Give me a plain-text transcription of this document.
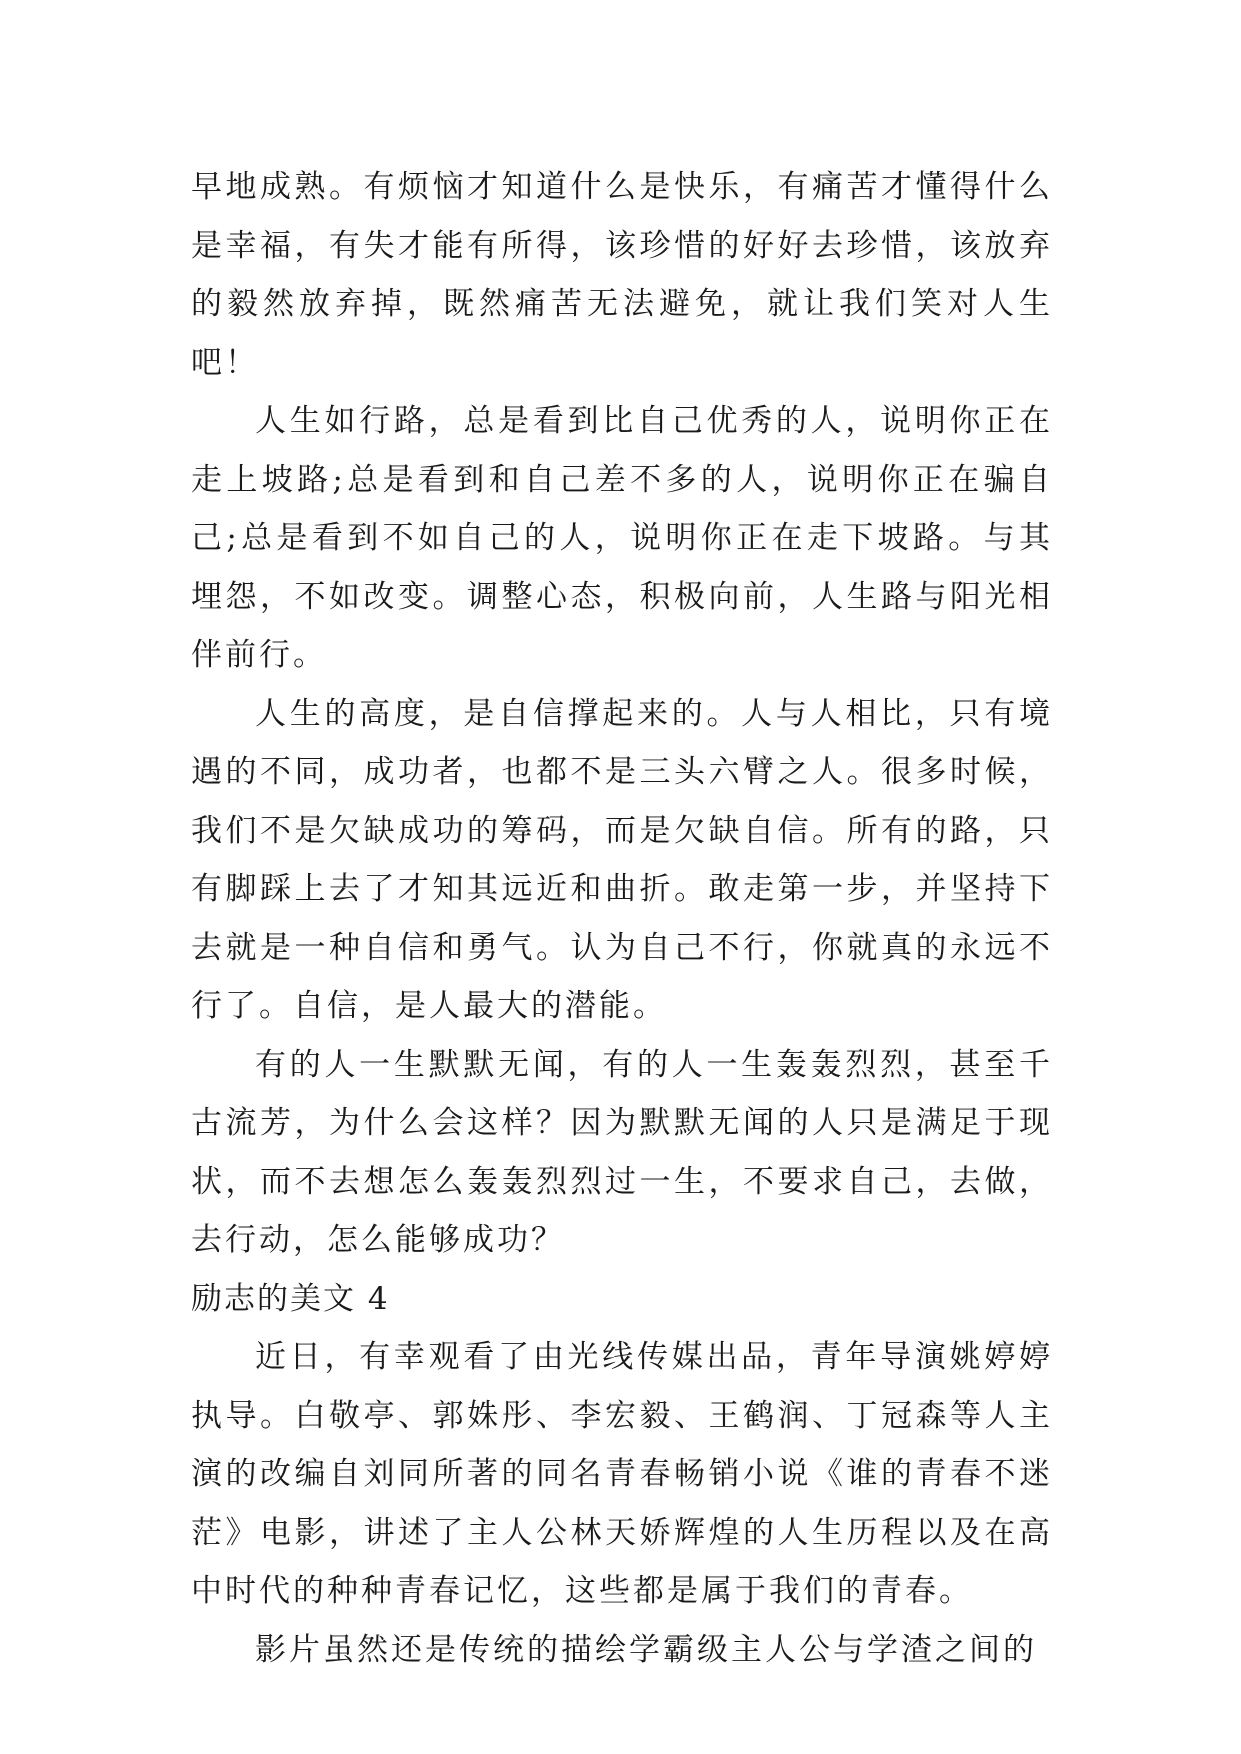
早地成熟。有烦恼才知道什么是快乐，有痛苦才懂得什么是幸福，有失才能有所得，该珍惜的好好去珍惜，该放弃的毅然放弃掉，既然痛苦无法避免，就让我们笑对人生吧！

人生如行路，总是看到比自己优秀的人，说明你正在走上坡路;总是看到和自己差不多的人，说明你正在骗自己;总是看到不如自己的人，说明你正在走下坡路。与其埋怨，不如改变。调整心态，积极向前，人生路与阳光相伴前行。

人生的高度，是自信撑起来的。人与人相比，只有境遇的不同，成功者，也都不是三头六臂之人。很多时候，我们不是欠缺成功的筹码，而是欠缺自信。所有的路，只有脚踩上去了才知其远近和曲折。敢走第一步，并坚持下去就是一种自信和勇气。认为自己不行，你就真的永远不行了。自信，是人最大的潜能。

有的人一生默默无闻，有的人一生轰轰烈烈，甚至千古流芳，为什么会这样？因为默默无闻的人只是满足于现状，而不去想怎么轰轰烈烈过一生，不要求自己，去做，去行动，怎么能够成功？

励志的美文 4

近日，有幸观看了由光线传媒出品，青年导演姚婷婷执导。白敬亭、郭姝彤、李宏毅、王鹤润、丁冠森等人主演的改编自刘同所著的同名青春畅销小说《谁的青春不迷茫》电影，讲述了主人公林天娇辉煌的人生历程以及在高中时代的种种青春记忆，这些都是属于我们的青春。

影片虽然还是传统的描绘学霸级主人公与学渣之间的
